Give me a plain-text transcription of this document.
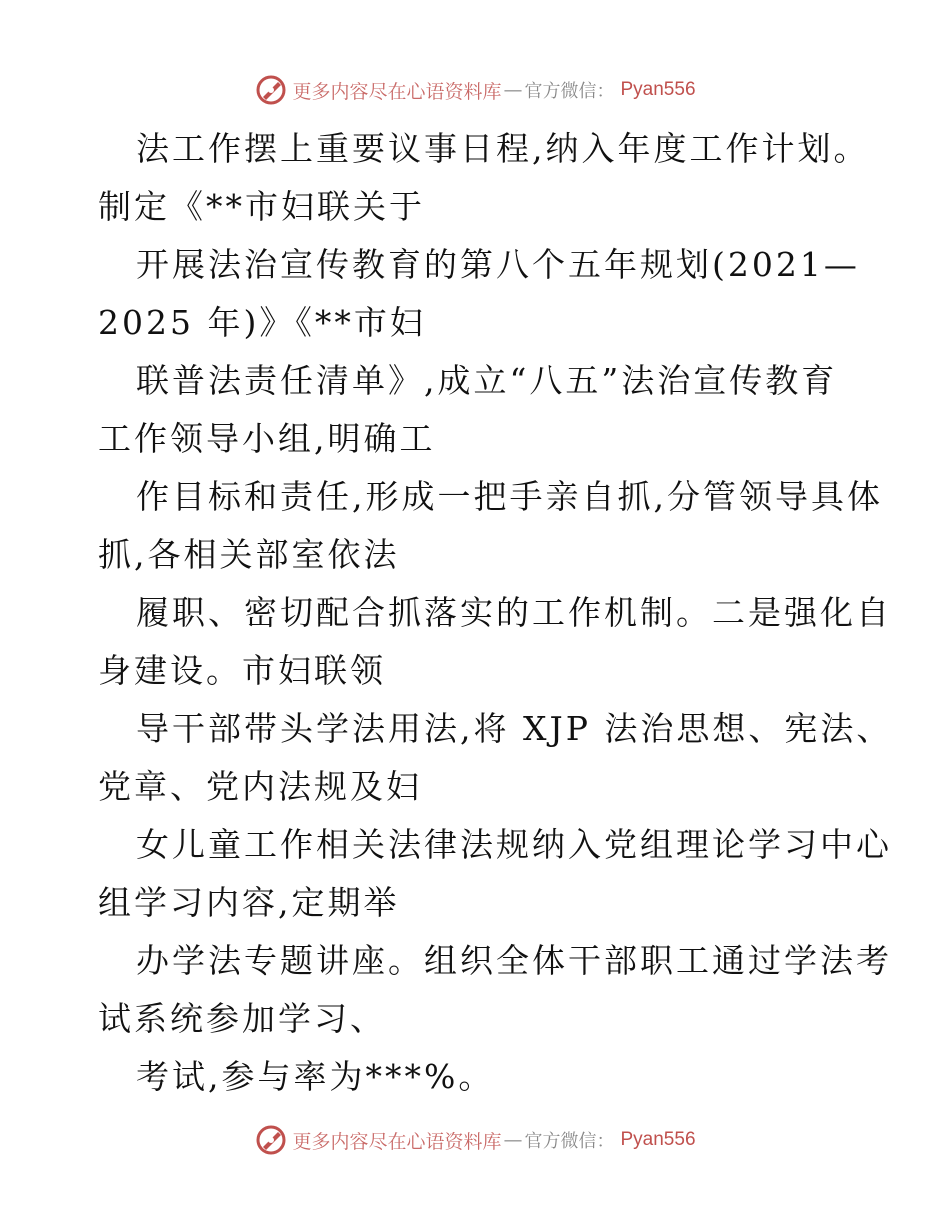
更多内容尽在心语资料库 — 官方微信： Pyan556
法工作摆上重要议事日程,纳入年度工作计划。
制定《**市妇联关于
开展法治宣传教育的第八个五年规划(2021—
2025 年)》《**市妇
联普法责任清单》,成立“八五”法治宣传教育
工作领导小组,明确工
作目标和责任,形成一把手亲自抓,分管领导具体
抓,各相关部室依法
履职、密切配合抓落实的工作机制。二是强化自
身建设。市妇联领
导干部带头学法用法,将 XJP 法治思想、宪法、
党章、党内法规及妇
女儿童工作相关法律法规纳入党组理论学习中心
组学习内容,定期举
办学法专题讲座。组织全体干部职工通过学法考
试系统参加学习、
考试,参与率为***%。
更多内容尽在心语资料库 — 官方微信： Pyan556
